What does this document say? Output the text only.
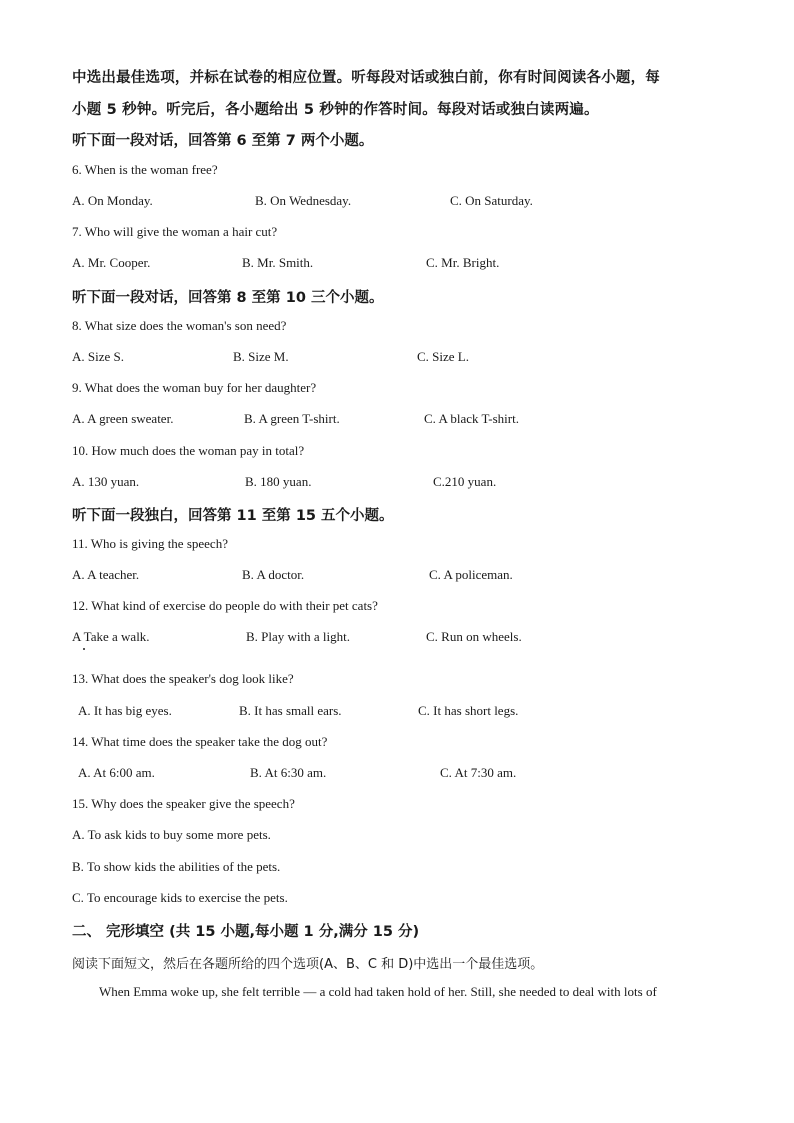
中选出最佳选项，并标在试卷的相应位置。听每段对话或独白前，你有时间阅读各小题，每
小题 5 秒钟。听完后，各小题给出 5 秒钟的作答时间。每段对话或独白读两遍。
听下面一段对话，回答第 6 至第 7 两个小题。
6. When is the woman free?
A. On Monday.	B. On Wednesday.	C. On Saturday.
7. Who will give the woman a hair cut?
A. Mr. Cooper.	B. Mr. Smith.	C. Mr. Bright.
听下面一段对话，回答第 8 至第 10 三个小题。
8. What size does the woman's son need?
A. Size S.	B. Size M.	C. Size L.
9. What does the woman buy for her daughter?
A. A green sweater.	B. A green T-shirt.	C. A black T-shirt.
10. How much does the woman pay in total?
A. 130 yuan.	B. 180 yuan.	C.210 yuan.
听下面一段独白，回答第 11 至第 15 五个小题。
11. Who is giving the speech?
A. A teacher.	B. A doctor.	C. A policeman.
12. What kind of exercise do people do with their pet cats?
A Take a walk.	B. Play with a light.	C. Run on wheels.
13. What does the speaker's dog look like?
A. It has big eyes.	B. It has small ears.	C. It has short legs.
14. What time does the speaker take the dog out?
A. At 6:00 am.	B. At 6:30 am.	C. At 7:30 am.
15. Why does the speaker give the speech?
A. To ask kids to buy some more pets.
B. To show kids the abilities of the pets.
C. To encourage kids to exercise the pets.
二、 完形填空 (共 15 小题,每小题 1 分,满分 15 分)
阅读下面短文，然后在各题所给的四个选项(A、B、C 和 D)中选出一个最佳选项。
When Emma woke up, she felt terrible — a cold had taken hold of her. Still, she needed to deal with lots of
